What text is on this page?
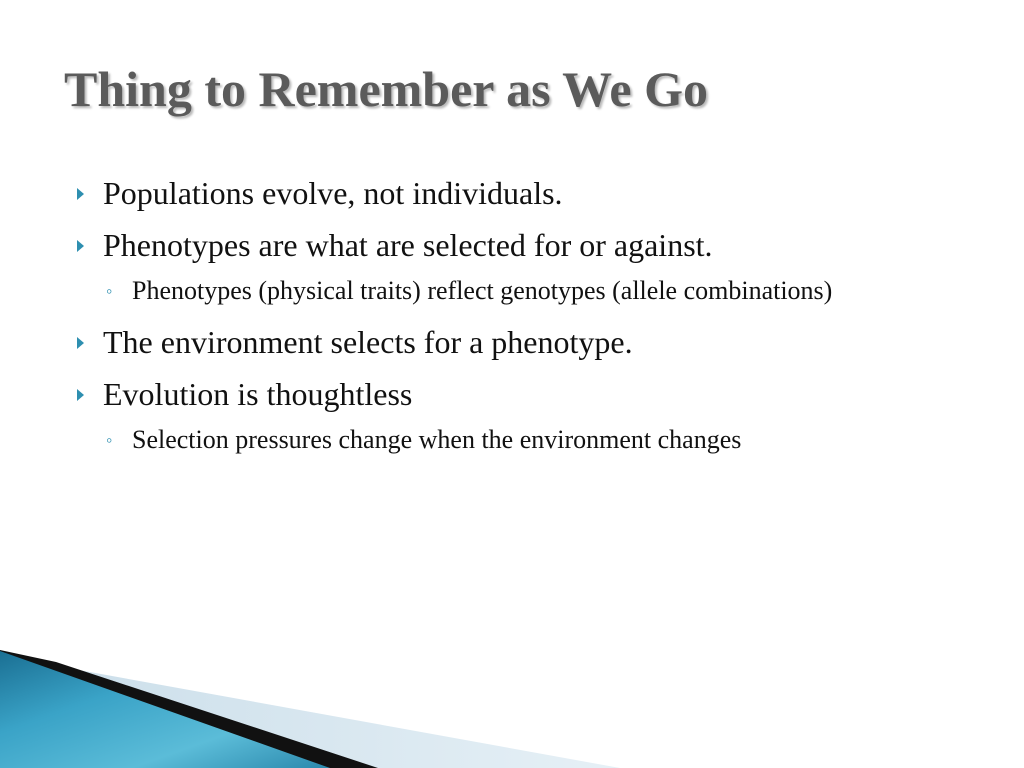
Thing to Remember as We Go
Populations evolve, not individuals.
Phenotypes are what are selected for or against.
◦ Phenotypes (physical traits) reflect genotypes (allele combinations)
The environment selects for a phenotype.
Evolution is thoughtless
◦ Selection pressures change when the environment changes
